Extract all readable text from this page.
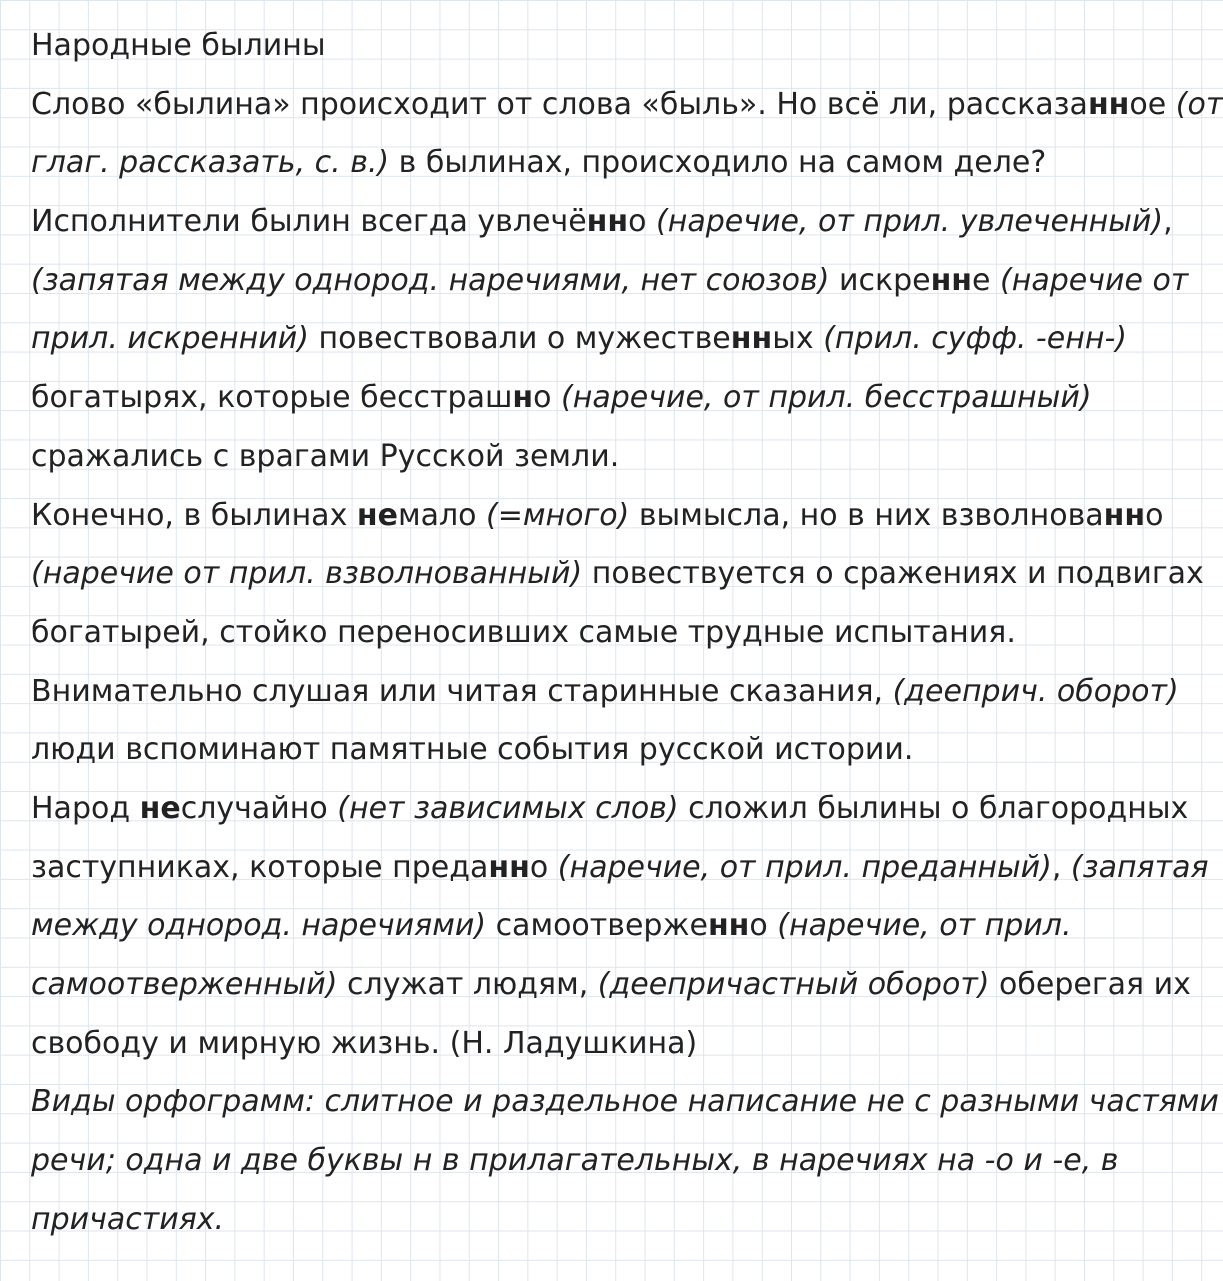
Народные былины
Слово «былина» происходит от слова «быль». Но всё ли, рассказанное (от
глаг. рассказать, с. в.) в былинах, происходило на самом деле?
Исполнители былин всегда увлечённо (наречие, от прил. увлеченный),
(запятая между однород. наречиями, нет союзов) искренне (наречие от
прил. искренний) повествовали о мужественных (прил. суфф. -енн-)
богатырях, которые бесстрашно (наречие, от прил. бесстрашный)
сражались с врагами Русской земли.
Конечно, в былинах немало (=много) вымысла, но в них взволнованно
(наречие от прил. взволнованный) повествуется о сражениях и подвигах
богатырей, стойко переносивших самые трудные испытания.
Внимательно слушая или читая старинные сказания, (дееприч. оборот)
люди вспоминают памятные события русской истории.
Народ неслучайно (нет зависимых слов) сложил былины о благородных
заступниках, которые преданно (наречие, от прил. преданный), (запятая
между однород. наречиями) самоотверженно (наречие, от прил.
самоотверженный) служат людям, (деепричастный оборот) оберегая их
свободу и мирную жизнь. (Н. Ладушкина)
Виды орфограмм: слитное и раздельное написание не с разными частями
речи; одна и две буквы н в прилагательных, в наречиях на -о и -е, в
причастиях.
